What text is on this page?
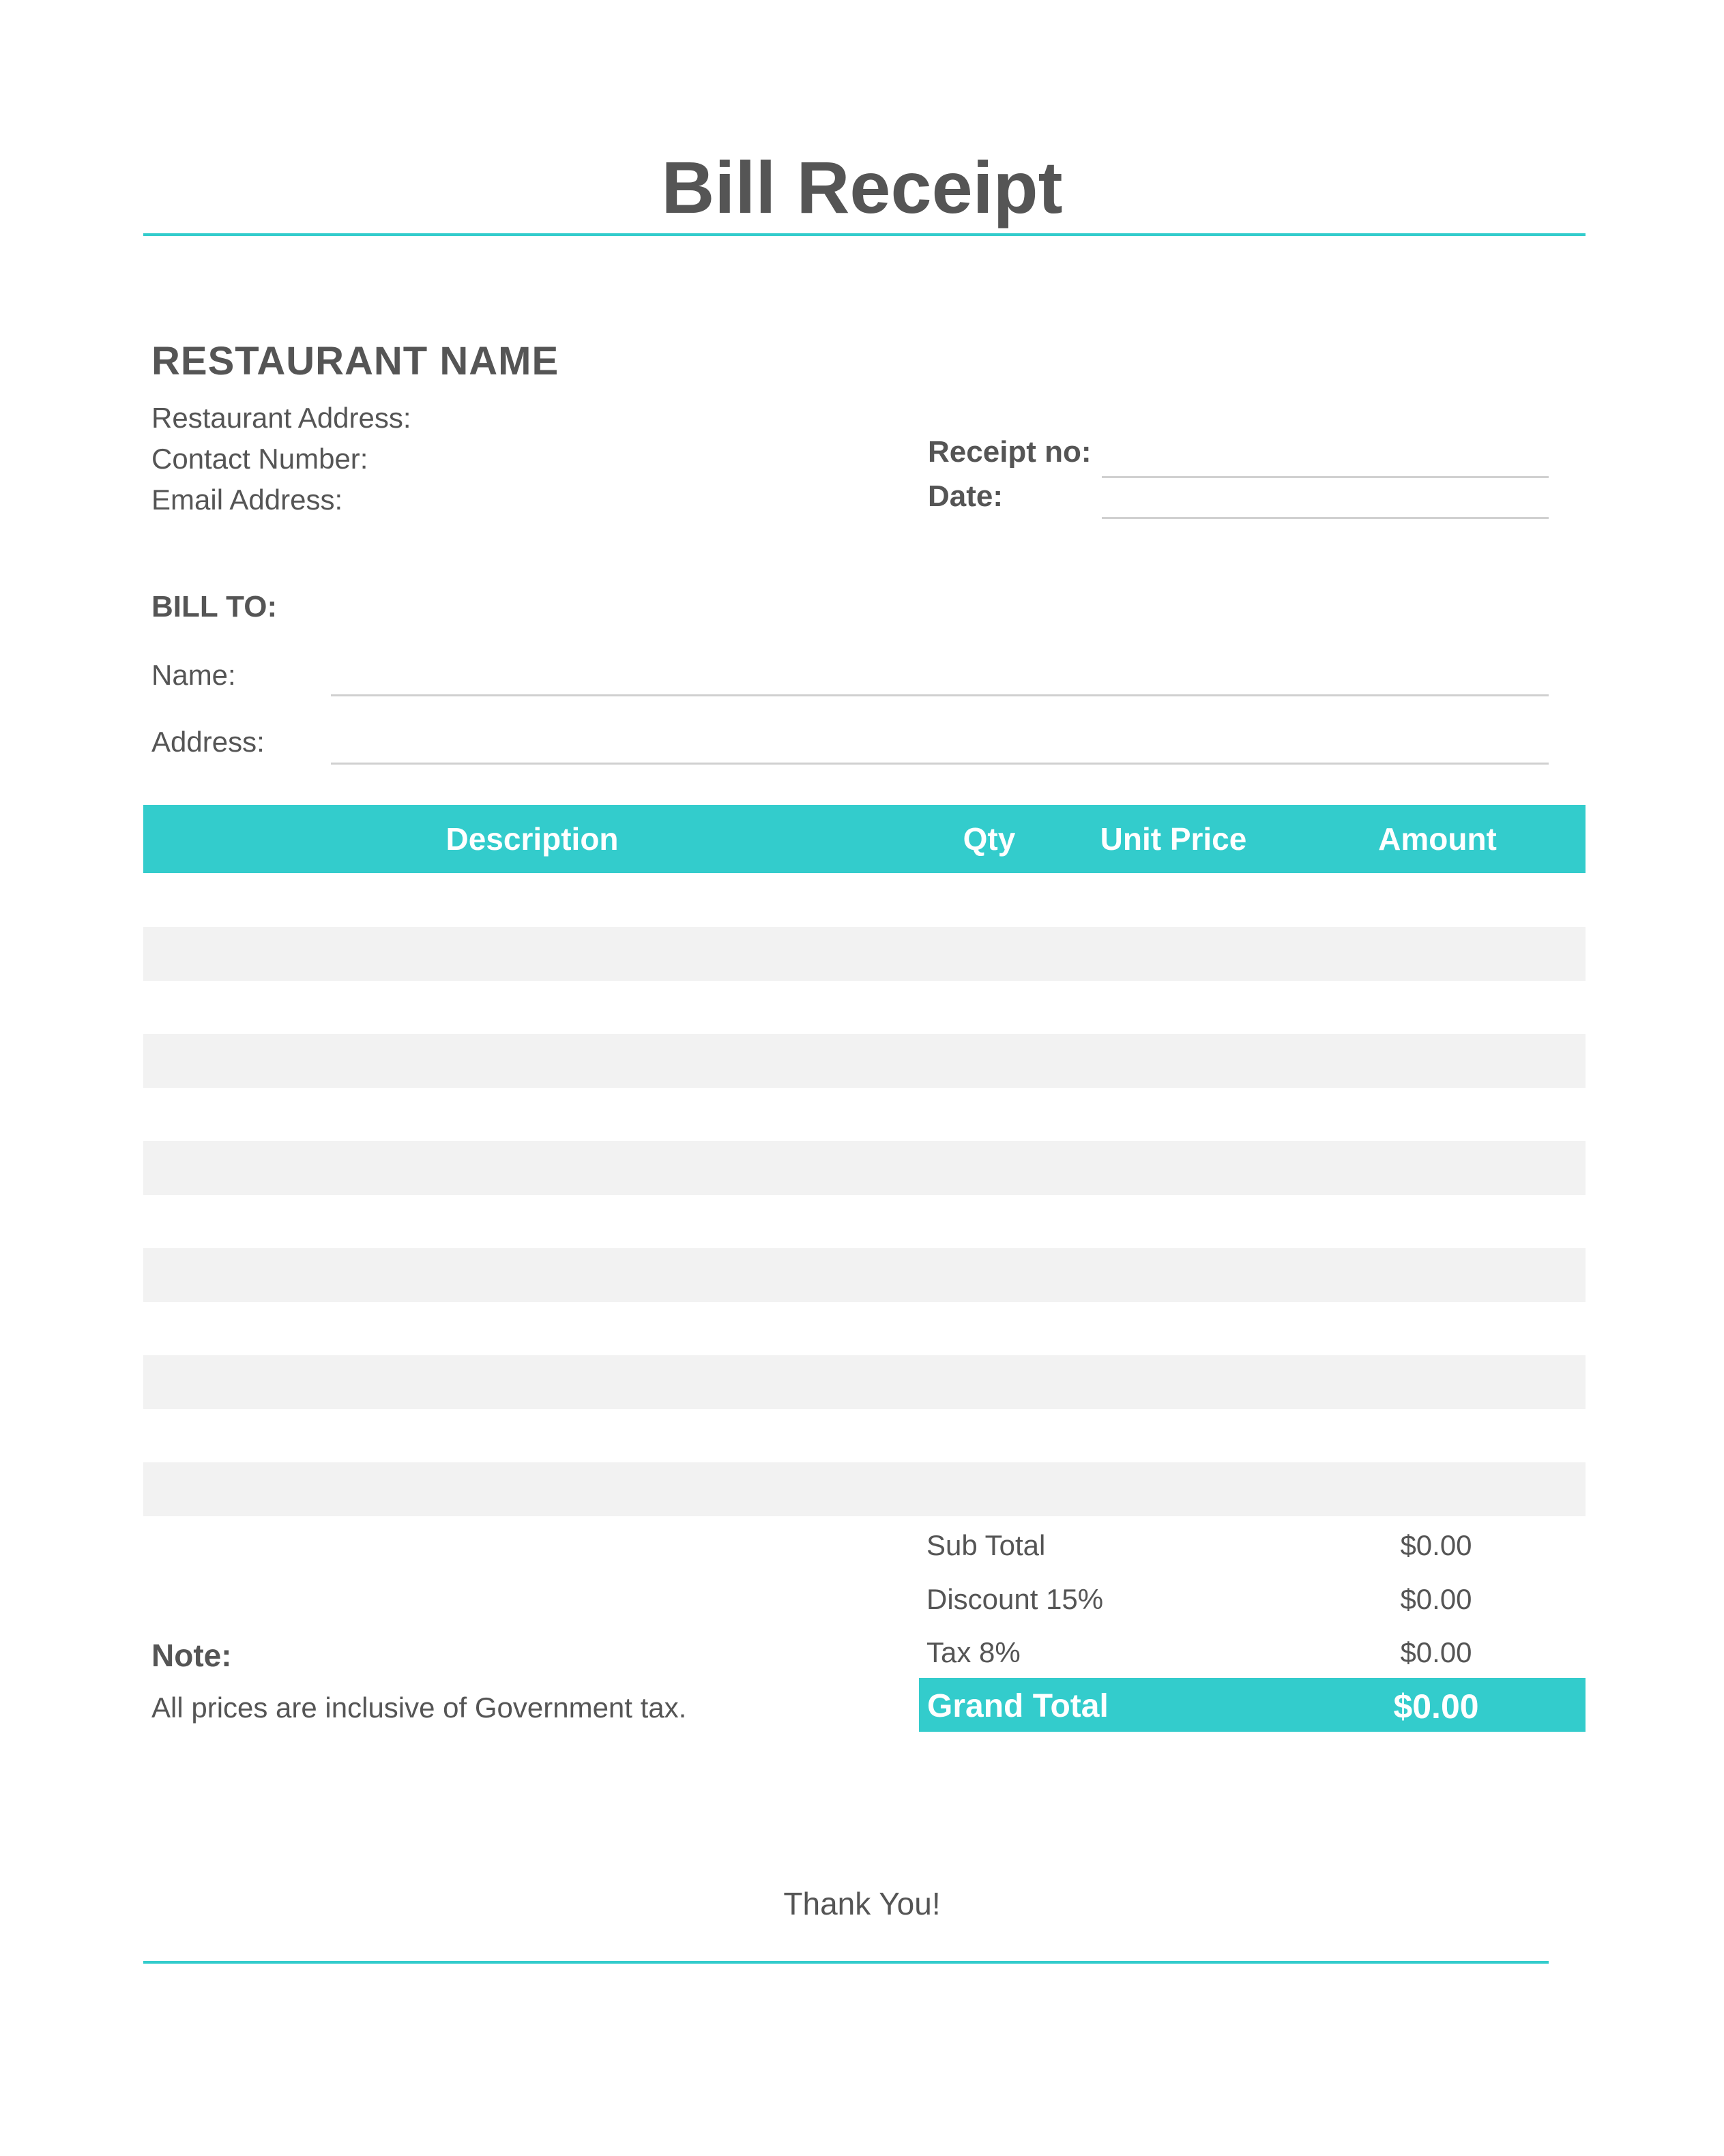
Bill Receipt
RESTAURANT NAME
Restaurant Address:
Contact Number:
Email Address:
Receipt no:
Date:
BILL TO:
Name:
Address:
Description	Qty	Unit Price	Amount
Sub Total	$0.00
Discount 15%	$0.00
Tax 8%	$0.00
Grand Total	$0.00
Note:
All prices are inclusive of Government tax.
Thank You!
